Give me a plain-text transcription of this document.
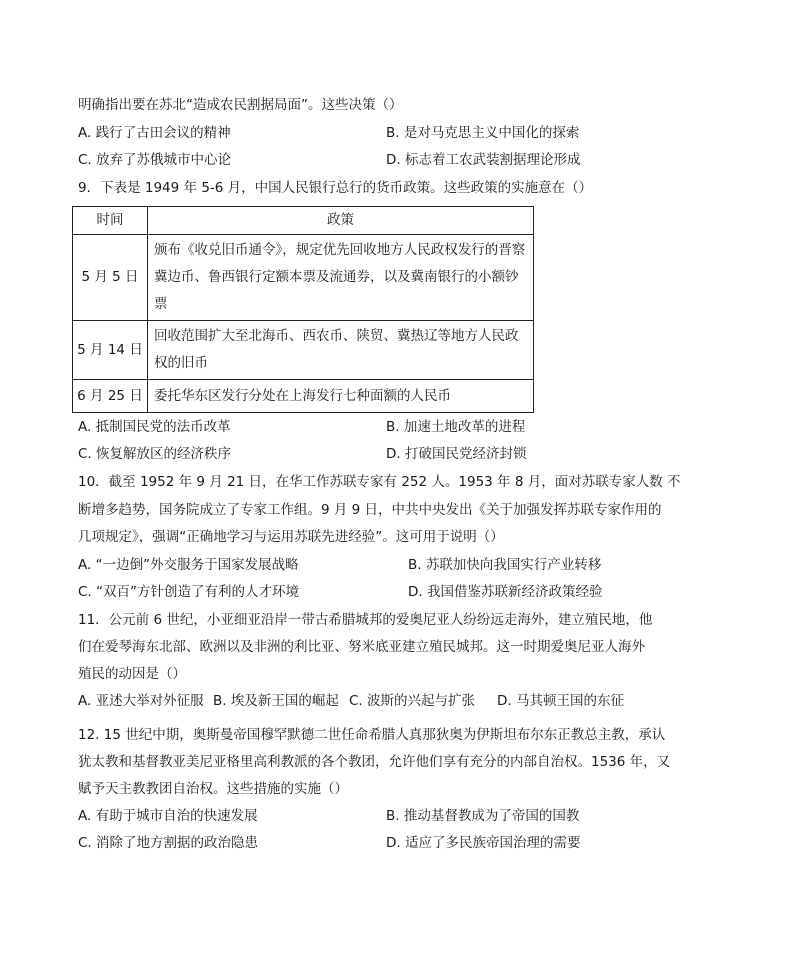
明确指出要在苏北“造成农民割据局面”。这些决策（）
A. 践行了古田会议的精神	B. 是对马克思主义中国化的探索
C. 放弃了苏俄城市中心论	D. 标志着工农武装割据理论形成
9．下表是 1949 年 5-6 月，中国人民银行总行的货币政策。这些政策的实施意在（）
时间	政策
5 月 5 日	颁布《收兑旧币通令》，规定优先回收地方人民政权发行的晋察冀边币、鲁西银行定额本票及流通券，以及冀南银行的小额钞票
5 月 14 日	回收范围扩大至北海币、西农币、陕贸、冀热辽等地方人民政权的旧币
6 月 25 日	委托华东区发行分处在上海发行七种面额的人民币
A. 抵制国民党的法币改革	B. 加速土地改革的进程
C. 恢复解放区的经济秩序	D. 打破国民党经济封锁
10．截至 1952 年 9 月 21 日，在华工作苏联专家有 252 人。1953 年 8 月，面对苏联专家人数 不
断增多趋势，国务院成立了专家工作组。9 月 9 日，中共中央发出《关于加强发挥苏联专家作用的
几项规定》，强调“正确地学习与运用苏联先进经验”。这可用于说明（）
A. “一边倒”外交服务于国家发展战略	B. 苏联加快向我国实行产业转移
C. “双百”方针创造了有利的人才环境	D. 我国借鉴苏联新经济政策经验
11．公元前 6 世纪，小亚细亚沿岸一带古希腊城邦的爱奥尼亚人纷纷远走海外，建立殖民地，他
们在爱琴海东北部、欧洲以及非洲的利比亚、努米底亚建立殖民城邦。这一时期爱奥尼亚人海外
殖民的动因是（）
A. 亚述大举对外征服 B. 埃及新王国的崛起 C. 波斯的兴起与扩张 D. 马其顿王国的东征
12. 15 世纪中期，奥斯曼帝国穆罕默德二世任命希腊人真那狄奥为伊斯坦布尔东正教总主教，承认
犹太教和基督教亚美尼亚格里高利教派的各个教团，允许他们享有充分的内部自治权。1536 年，又
赋予天主教教团自治权。这些措施的实施（）
A. 有助于城市自治的快速发展	B. 推动基督教成为了帝国的国教
C. 消除了地方割据的政治隐患	D. 适应了多民族帝国治理的需要
